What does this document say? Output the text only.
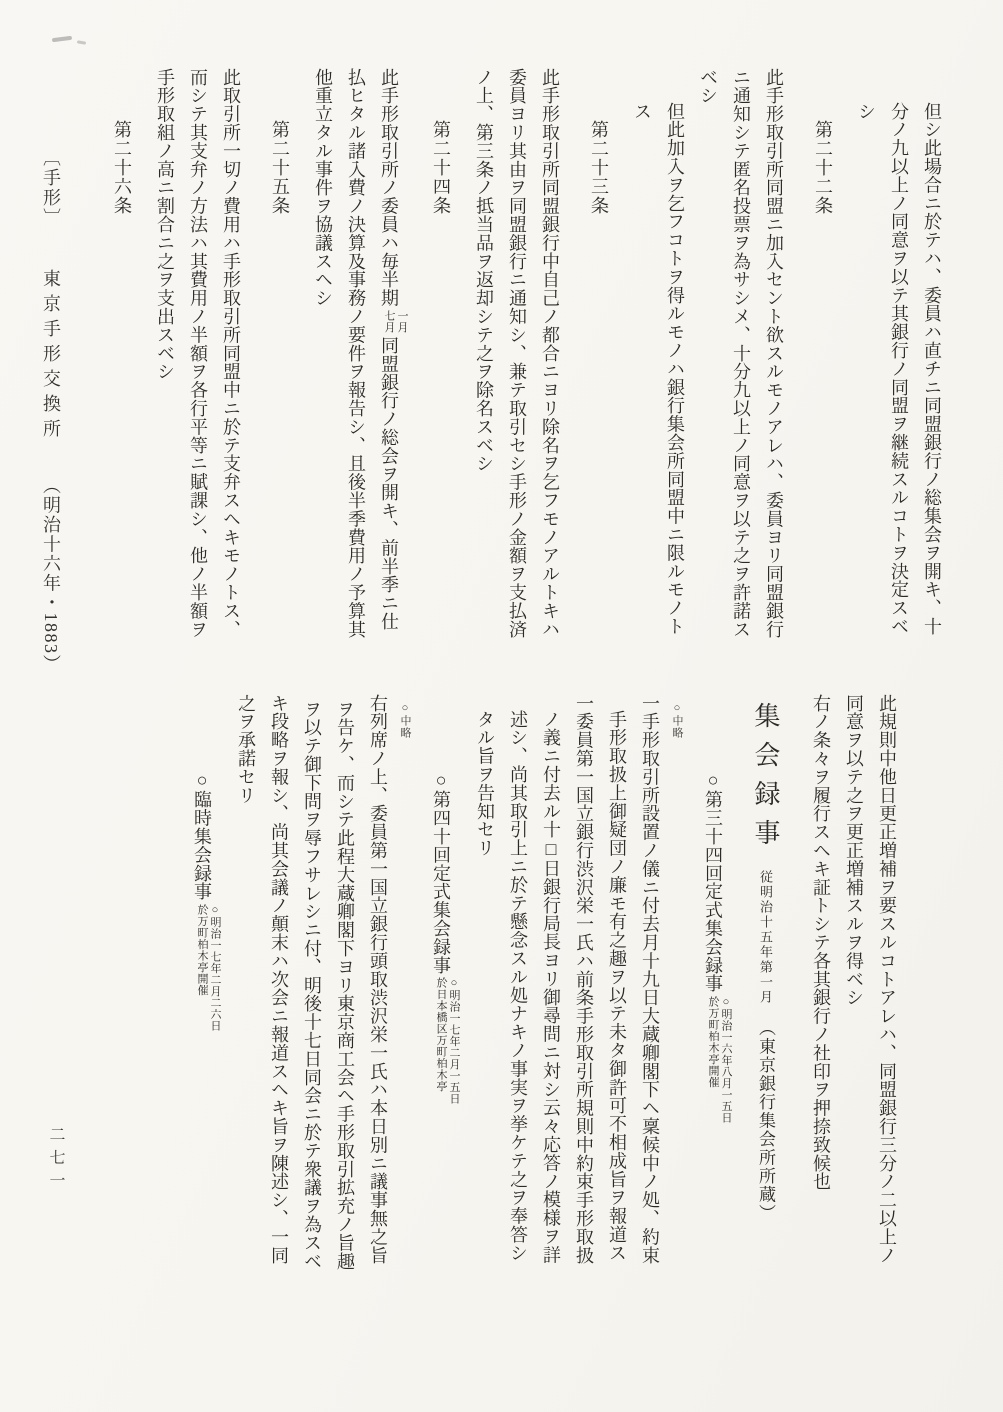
但シ此場合ニ於テハ、委員ハ直チニ同盟銀行ノ総集会ヲ開キ、十
分ノ九以上ノ同意ヲ以テ其銀行ノ同盟ヲ継続スルコトヲ決定スベ
シ
第二十二条
此手形取引所同盟ニ加入セント欲スルモノアレハ、委員ヨリ同盟銀行
ニ通知シテ匿名投票ヲ為サシメ、十分九以上ノ同意ヲ以テ之ヲ許諾ス
ベシ
但此加入ヲ乞フコトヲ得ルモノハ銀行集会所同盟中ニ限ルモノト
ス
第二十三条
此手形取引所同盟銀行中自己ノ都合ニヨリ除名ヲ乞フモノアルトキハ
委員ヨリ其由ヲ同盟銀行ニ通知シ、兼テ取引セシ手形ノ金額ヲ支払済
ノ上、第三条ノ抵当品ヲ返却シテ之ヲ除名スベシ
第二十四条
此手形取引所ノ委員ハ毎半期
一月
七月
同盟銀行ノ総会ヲ開キ、前半季ニ仕
払ヒタル諸入費ノ決算及事務ノ要件ヲ報告シ、且後半季費用ノ予算其
他重立タル事件ヲ協議スヘシ
第二十五条
此取引所一切ノ費用ハ手形取引所同盟中ニ於テ支弁スヘキモノトス、
而シテ其支弁ノ方法ハ其費用ノ半額ヲ各行平等ニ賦課シ、他ノ半額ヲ
手形取組ノ高ニ割合ニ之ヲ支出スベシ
第二十六条
此規則中他日更正増補ヲ要スルコトアレハ、同盟銀行三分ノ二以上ノ
同意ヲ以テ之ヲ更正増補スルヲ得ベシ
右ノ条々ヲ履行スヘキ証トシテ各其銀行ノ社印ヲ押捺致候也
集会録事従明治十五年第一月（東京銀行集会所所蔵）
○第三十四回定式集会録事
○明治一六年八月一五日
於万町柏木亭開催
○中略
一手形取引所設置ノ儀ニ付去月十九日大蔵卿閣下ヘ稟候中ノ処、約束
手形取扱上御疑団ノ廉モ有之趣ヲ以テ未タ御許可不相成旨ヲ報道ス
一委員第一国立銀行渋沢栄一氏ハ前条手形取引所規則中約束手形取扱
ノ義ニ付去ル十□日銀行局長ヨリ御尋問ニ対シ云々応答ノ模様ヲ詳
述シ、尚其取引上ニ於テ懸念スル処ナキノ事実ヲ挙ケテ之ヲ奉答シ
タル旨ヲ告知セリ
○第四十回定式集会録事
○明治一七年二月一五日
於日本橋区万町柏木亭
○中略
右列席ノ上、委員第一国立銀行頭取渋沢栄一氏ハ本日別ニ議事無之旨
ヲ告ケ、而シテ此程大蔵卿閣下ヨリ東京商工会ヘ手形取引拡充ノ旨趣
ヲ以テ御下問ヲ辱フサレシニ付、明後十七日同会ニ於テ衆議ヲ為スベ
キ段略ヲ報シ、尚其会議ノ顛末ハ次会ニ報道スヘキ旨ヲ陳述シ、一同
之ヲ承諾セリ
○臨時集会録事
○明治一七年二月二六日
於万町柏木亭開催
〔手形〕 東京手形交換所 （明治十六年・1883）
二七一
